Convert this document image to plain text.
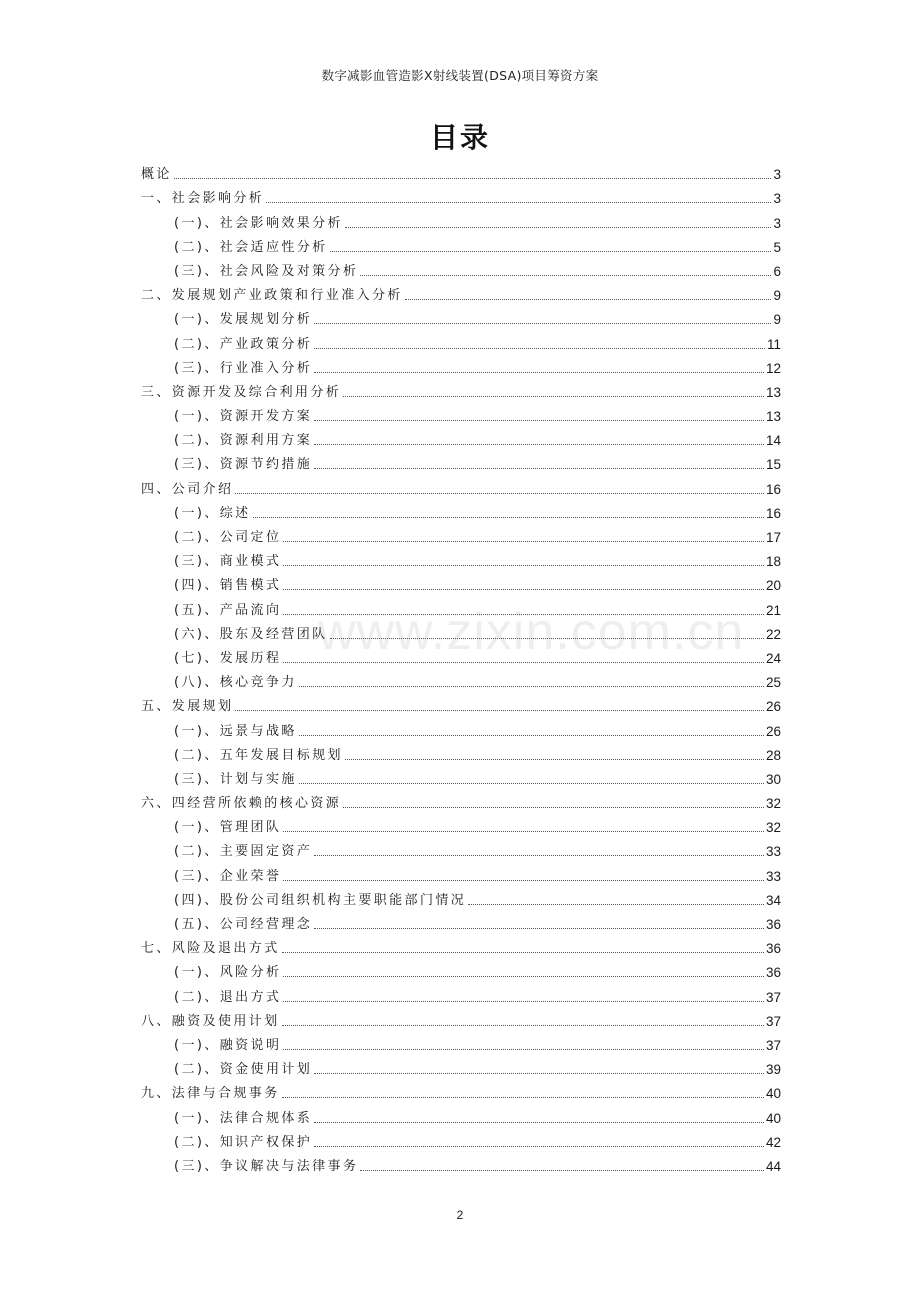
数字减影血管造影X射线装置(DSA)项目筹资方案
目录
概论	3
一、社会影响分析	3
(一)、社会影响效果分析	3
(二)、社会适应性分析	5
(三)、社会风险及对策分析	6
二、发展规划产业政策和行业准入分析	9
(一)、发展规划分析	9
(二)、产业政策分析	11
(三)、行业准入分析	12
三、资源开发及综合利用分析	13
(一)、资源开发方案	13
(二)、资源利用方案	14
(三)、资源节约措施	15
四、公司介绍	16
(一)、综述	16
(二)、公司定位	17
(三)、商业模式	18
(四)、销售模式	20
(五)、产品流向	21
(六)、股东及经营团队	22
(七)、发展历程	24
(八)、核心竞争力	25
五、发展规划	26
(一)、远景与战略	26
(二)、五年发展目标规划	28
(三)、计划与实施	30
六、四经营所依赖的核心资源	32
(一)、管理团队	32
(二)、主要固定资产	33
(三)、企业荣誉	33
(四)、股份公司组织机构主要职能部门情况	34
(五)、公司经营理念	36
七、风险及退出方式	36
(一)、风险分析	36
(二)、退出方式	37
八、融资及使用计划	37
(一)、融资说明	37
(二)、资金使用计划	39
九、法律与合规事务	40
(一)、法律合规体系	40
(二)、知识产权保护	42
(三)、争议解决与法律事务	44
www.zixin.com.cn
2
